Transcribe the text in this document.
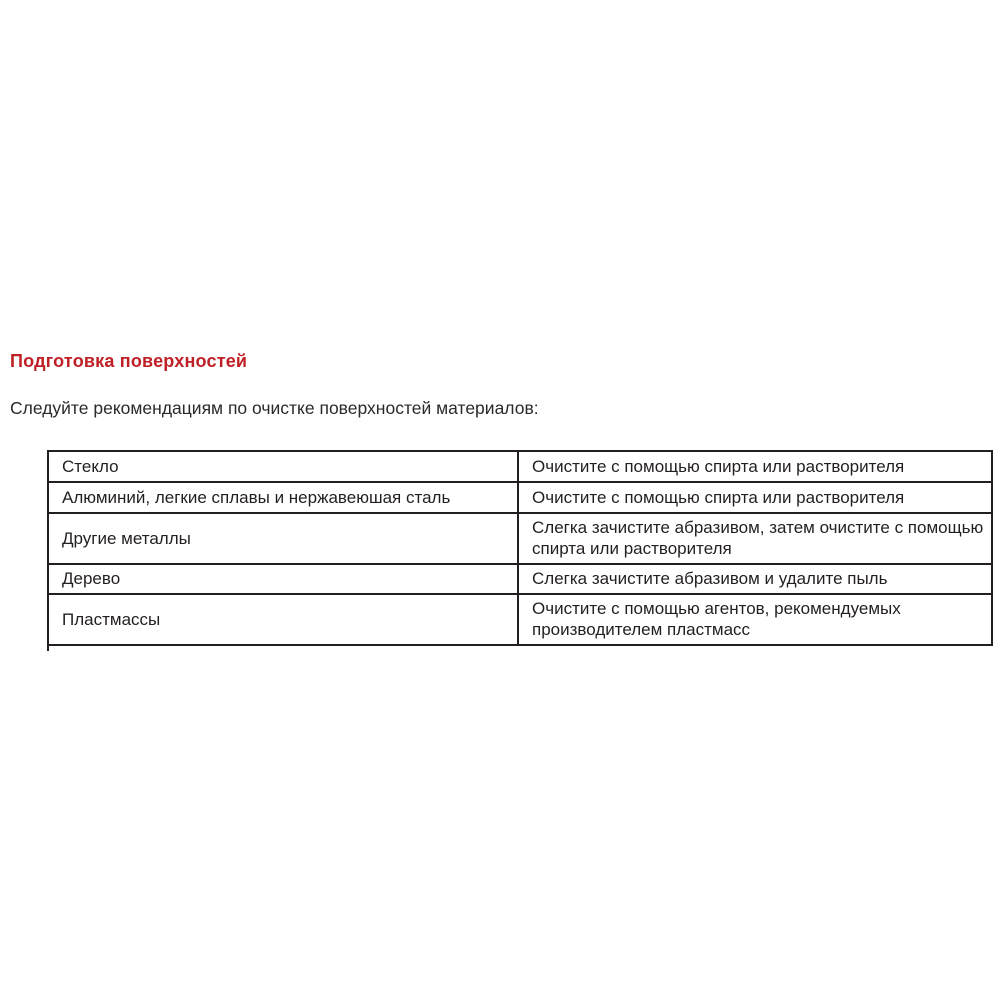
Подготовка поверхностей
Следуйте рекомендациям по очистке поверхностей материалов:
Стекло	Очистите с помощью спирта или растворителя
Алюминий, легкие сплавы и нержавеюшая сталь	Очистите с помощью спирта или растворителя
Другие металлы	Слегка зачистите абразивом, затем очистите с помощью спирта или растворителя
Дерево	Слегка зачистите абразивом и удалите пыль
Пластмассы	Очистите с помощью агентов, рекомендуемых производителем пластмасс
